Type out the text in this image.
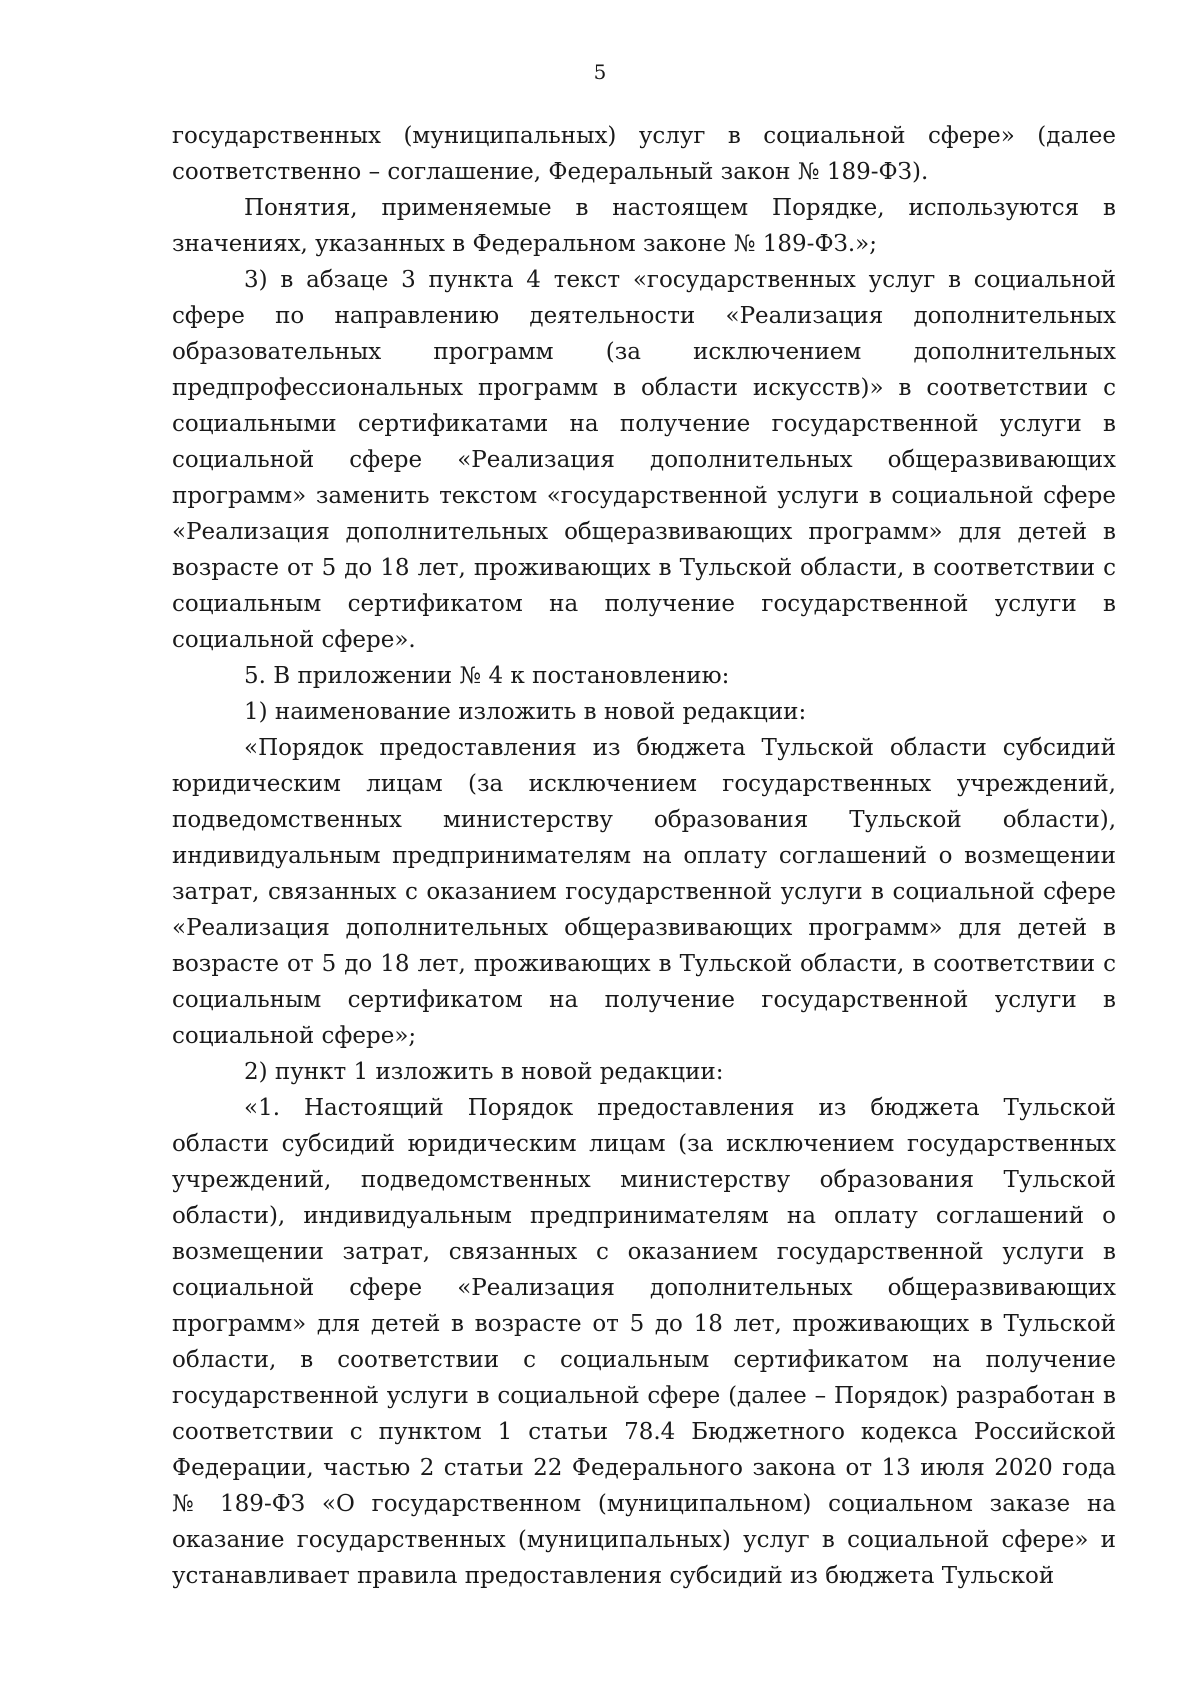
5

государственных (муниципальных) услуг в социальной сфере» (далее соответственно – соглашение, Федеральный закон № 189-ФЗ).

Понятия, применяемые в настоящем Порядке, используются в значениях, указанных в Федеральном законе № 189-ФЗ.»;

3) в абзаце 3 пункта 4 текст «государственных услуг в социальной сфере по направлению деятельности «Реализация дополнительных образовательных программ (за исключением дополнительных предпрофессиональных программ в области искусств)» в соответствии с социальными сертификатами на получение государственной услуги в социальной сфере «Реализация дополнительных общеразвивающих программ» заменить текстом «государственной услуги в социальной сфере «Реализация дополнительных общеразвивающих программ» для детей в возрасте от 5 до 18 лет, проживающих в Тульской области, в соответствии с социальным сертификатом на получение государственной услуги в социальной сфере».

5. В приложении № 4 к постановлению:

1) наименование изложить в новой редакции:

«Порядок предоставления из бюджета Тульской области субсидий юридическим лицам (за исключением государственных учреждений, подведомственных министерству образования Тульской области), индивидуальным предпринимателям на оплату соглашений о возмещении затрат, связанных с оказанием государственной услуги в социальной сфере «Реализация дополнительных общеразвивающих программ» для детей в возрасте от 5 до 18 лет, проживающих в Тульской области, в соответствии с социальным сертификатом на получение государственной услуги в социальной сфере»;

2) пункт 1 изложить в новой редакции:

«1. Настоящий Порядок предоставления из бюджета Тульской области субсидий юридическим лицам (за исключением государственных учреждений, подведомственных министерству образования Тульской области), индивидуальным предпринимателям на оплату соглашений о возмещении затрат, связанных с оказанием государственной услуги в социальной сфере «Реализация дополнительных общеразвивающих программ» для детей в возрасте от 5 до 18 лет, проживающих в Тульской области, в соответствии с социальным сертификатом на получение государственной услуги в социальной сфере (далее – Порядок) разработан в соответствии с пунктом 1 статьи 78.4 Бюджетного кодекса Российской Федерации, частью 2 статьи 22 Федерального закона от 13 июля 2020 года № 189-ФЗ «О государственном (муниципальном) социальном заказе на оказание государственных (муниципальных) услуг в социальной сфере» и устанавливает правила предоставления субсидий из бюджета Тульской
